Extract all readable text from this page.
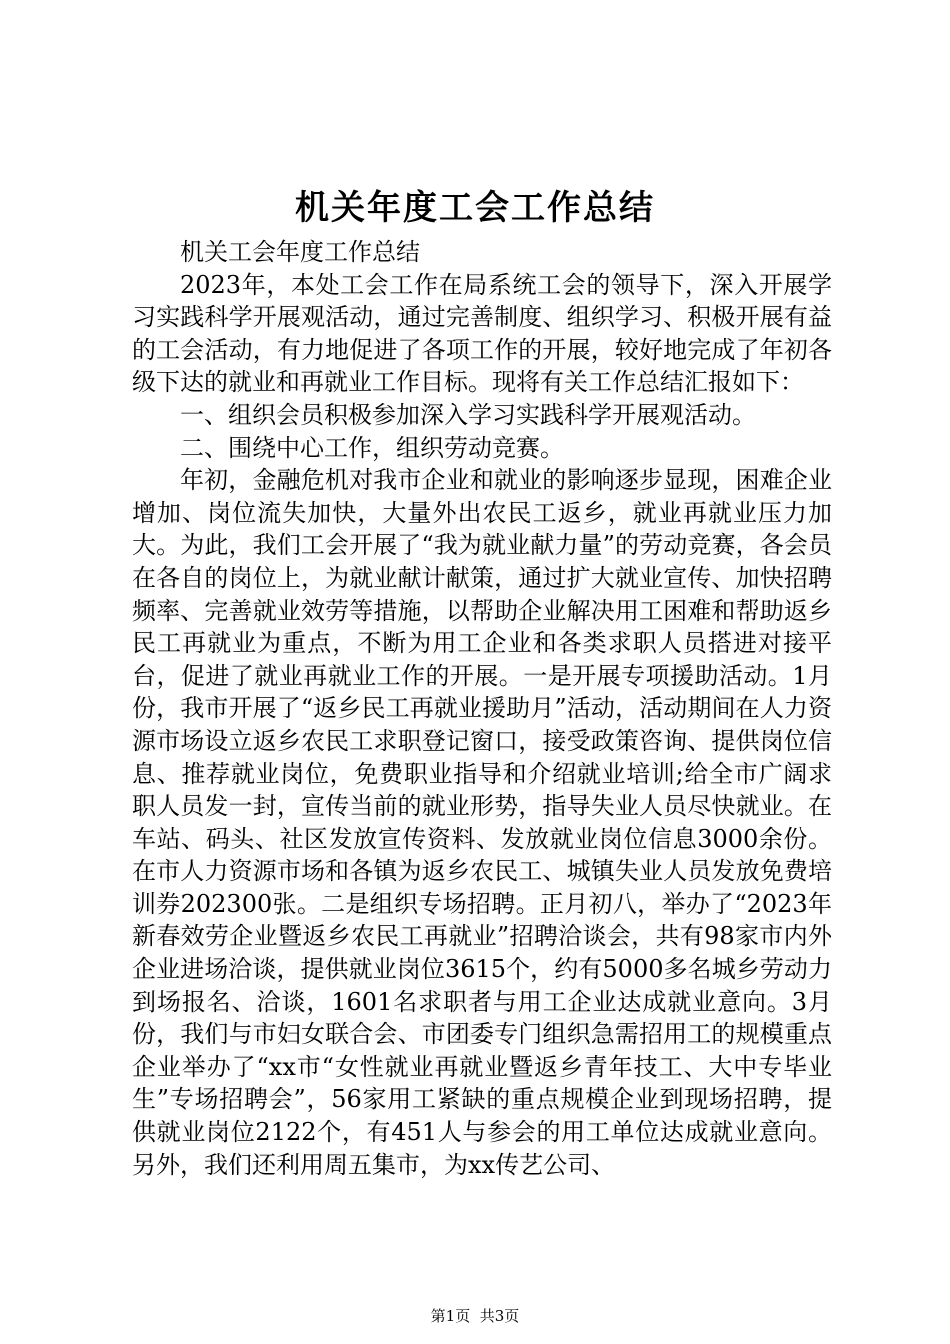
机关年度工会工作总结

机关工会年度工作总结

2023年，本处工会工作在局系统工会的领导下，深入开展学习实践科学开展观活动，通过完善制度、组织学习、积极开展有益的工会活动，有力地促进了各项工作的开展，较好地完成了年初各级下达的就业和再就业工作目标。现将有关工作总结汇报如下：

一、组织会员积极参加深入学习实践科学开展观活动。

二、围绕中心工作，组织劳动竞赛。

年初，金融危机对我市企业和就业的影响逐步显现，困难企业增加、岗位流失加快，大量外出农民工返乡，就业再就业压力加大。为此，我们工会开展了“我为就业献力量”的劳动竞赛，各会员在各自的岗位上，为就业献计献策，通过扩大就业宣传、加快招聘频率、完善就业效劳等措施，以帮助企业解决用工困难和帮助返乡民工再就业为重点，不断为用工企业和各类求职人员搭进对接平台，促进了就业再就业工作的开展。一是开展专项援助活动。1月份，我市开展了“返乡民工再就业援助月”活动，活动期间在人力资源市场设立返乡农民工求职登记窗口，接受政策咨询、提供岗位信息、推荐就业岗位，免费职业指导和介绍就业培训;给全市广阔求职人员发一封，宣传当前的就业形势，指导失业人员尽快就业。在车站、码头、社区发放宣传资料、发放就业岗位信息3000余份。在市人力资源市场和各镇为返乡农民工、城镇失业人员发放免费培训券202300张。二是组织专场招聘。正月初八，举办了“2023年新春效劳企业暨返乡农民工再就业”招聘洽谈会，共有98家市内外企业进场洽谈，提供就业岗位3615个，约有5000多名城乡劳动力到场报名、洽谈，1601名求职者与用工企业达成就业意向。3月份，我们与市妇女联合会、市团委专门组织急需招用工的规模重点企业举办了“xx市“女性就业再就业暨返乡青年技工、大中专毕业生”专场招聘会”，56家用工紧缺的重点规模企业到现场招聘，提供就业岗位2122个，有451人与参会的用工单位达成就业意向。另外，我们还利用周五集市，为xx传艺公司、

第1页 共3页
